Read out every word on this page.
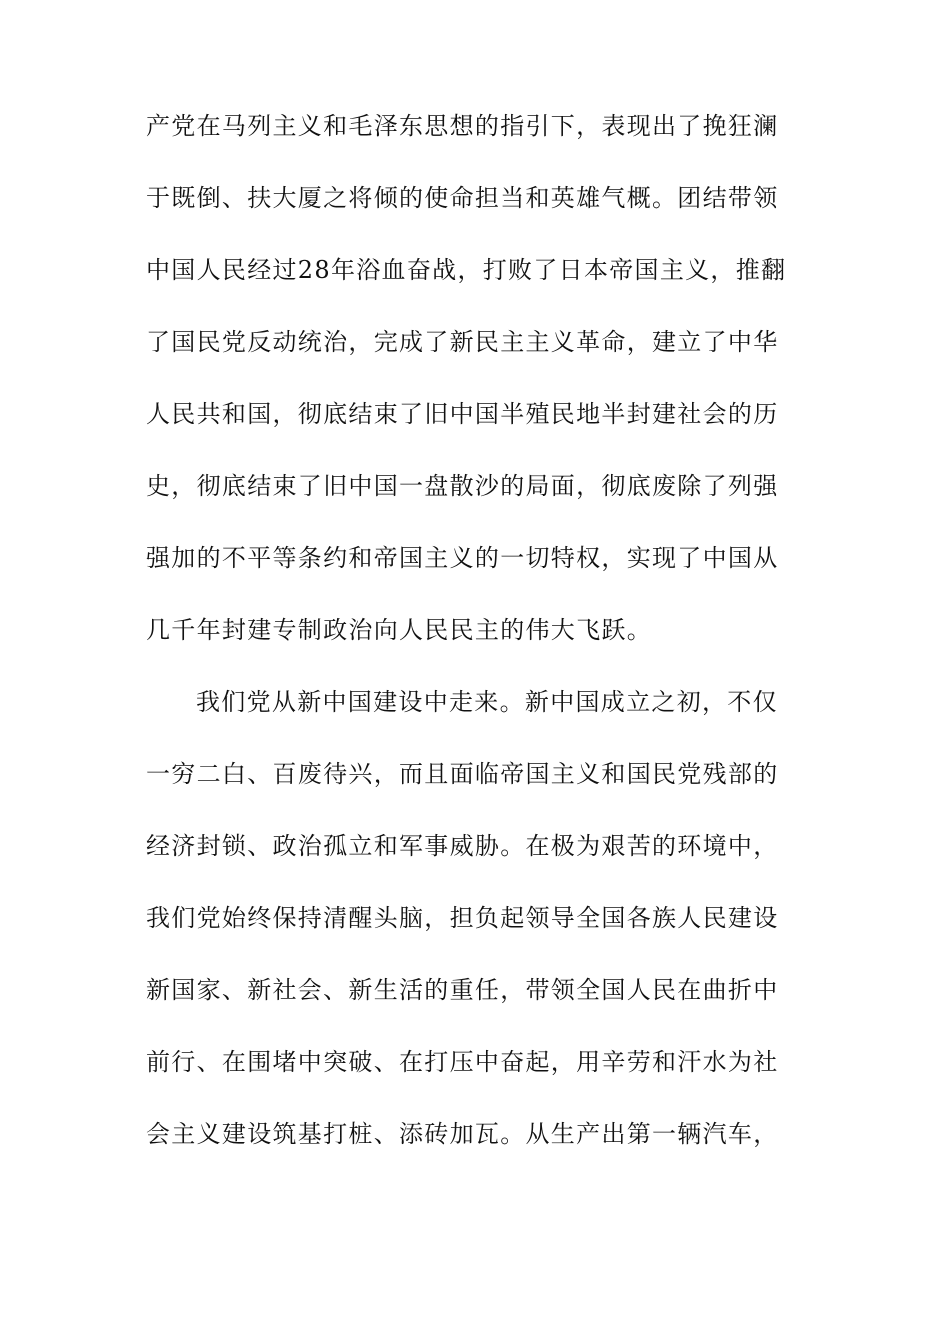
产党在马列主义和毛泽东思想的指引下，表现出了挽狂澜
于既倒、扶大厦之将倾的使命担当和英雄气概。团结带领
中国人民经过28年浴血奋战，打败了日本帝国主义，推翻
了国民党反动统治，完成了新民主主义革命，建立了中华
人民共和国，彻底结束了旧中国半殖民地半封建社会的历
史，彻底结束了旧中国一盘散沙的局面，彻底废除了列强
强加的不平等条约和帝国主义的一切特权，实现了中国从
几千年封建专制政治向人民民主的伟大飞跃。
我们党从新中国建设中走来。新中国成立之初，不仅
一穷二白、百废待兴，而且面临帝国主义和国民党残部的
经济封锁、政治孤立和军事威胁。在极为艰苦的环境中，
我们党始终保持清醒头脑，担负起领导全国各族人民建设
新国家、新社会、新生活的重任，带领全国人民在曲折中
前行、在围堵中突破、在打压中奋起，用辛劳和汗水为社
会主义建设筑基打桩、添砖加瓦。从生产出第一辆汽车，
